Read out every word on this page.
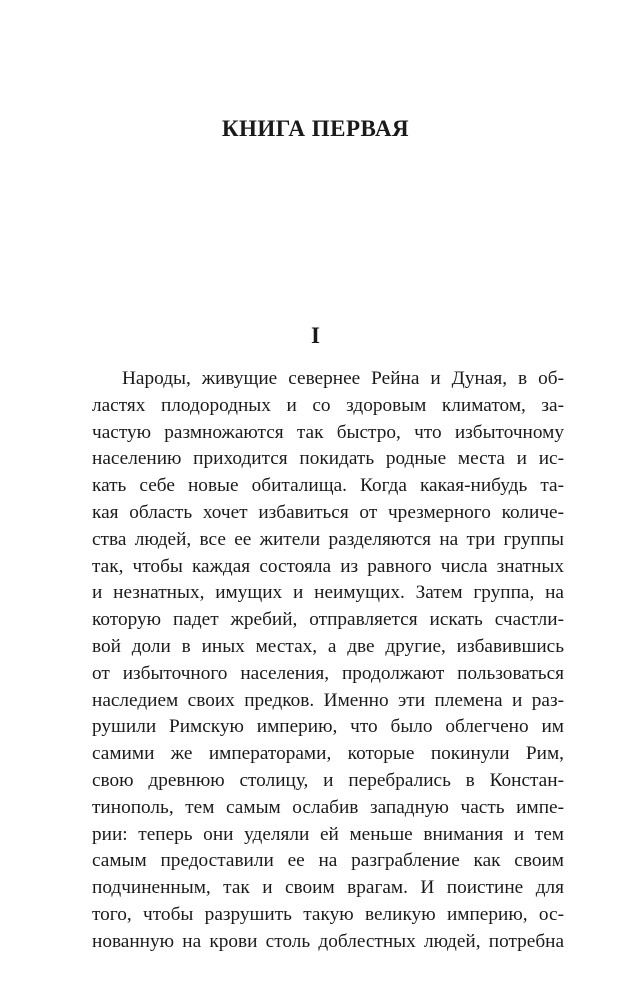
КНИГА ПЕРВАЯ
I
Народы, живущие севернее Рейна и Дуная, в об-
ластях плодородных и со здоровым климатом, за-
частую размножаются так быстро, что избыточному
населению приходится покидать родные места и ис-
кать себе новые обиталища. Когда какая-нибудь та-
кая область хочет избавиться от чрезмерного количе-
ства людей, все ее жители разделяются на три группы
так, чтобы каждая состояла из равного числа знатных
и незнатных, имущих и неимущих. Затем группа, на
которую падет жребий, отправляется искать счастли-
вой доли в иных местах, а две другие, избавившись
от избыточного населения, продолжают пользоваться
наследием своих предков. Именно эти племена и раз-
рушили Римскую империю, что было облегчено им
самими же императорами, которые покинули Рим,
свою древнюю столицу, и перебрались в Констан-
тинополь, тем самым ослабив западную часть импе-
рии: теперь они уделяли ей меньше внимания и тем
самым предоставили ее на разграбление как своим
подчиненным, так и своим врагам. И поистине для
того, чтобы разрушить такую великую империю, ос-
нованную на крови столь доблестных людей, потребна
